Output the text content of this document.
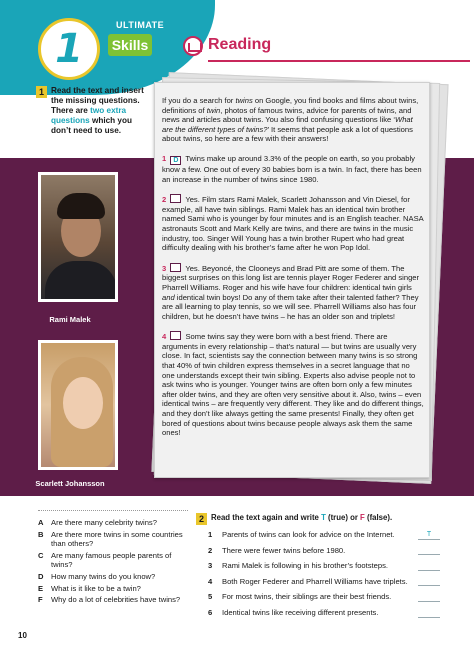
1
ULTIMATE
Skills	Reading
1 Read the text and insert the missing questions. There are two extra questions which you don’t need to use.
Rami Malek
Scarlett Johansson

If you do a search for twins on Google, you find books and films about twins, definitions of twin, photos of famous twins, advice for parents of twins, and news and articles about twins. You also find confusing questions like ‘What are the different types of twins?’ It seems that people ask a lot of questions about twins, so here are a few with their answers!

1 D Twins make up around 3.3% of the people on earth, so you probably know a few. One out of every 30 babies born is a twin. In fact, there has been an increase in the number of twins since 1980.

2  Yes. Film stars Rami Malek, Scarlett Johansson and Vin Diesel, for example, all have twin siblings. Rami Malek has an identical twin brother named Sami who is younger by four minutes and is an English teacher. NASA astronauts Scott and Mark Kelly are twins, and there are twins in the music industry, too. Singer Will Young has a twin brother Rupert who had great difficulty dealing with his brother’s fame after he won Pop Idol.

3  Yes. Beyoncé, the Clooneys and Brad Pitt are some of them. The biggest surprises on this long list are tennis player Roger Federer and singer Pharrell Williams. Roger and his wife have four children: identical twin girls and identical twin boys! Do any of them take after their talented father? They are all learning to play tennis, so we will see. Pharrell Williams also has four children, but he doesn’t have twins – he has an older son and triplets!

4  Some twins say they were born with a best friend. There are arguments in every relationship – that’s natural — but twins are usually very close. In fact, scientists say the connection between many twins is so strong that 40% of twin children express themselves in a secret language that no one understands except their twin sibling. Experts also advise people not to ask twins who is younger. Younger twins are often born only a few minutes after older twins, and they are often very sensitive about it. Also, twins – even identical twins – are frequently very different. They like and do different things, and they don’t like always getting the same presents! Finally, they often get bored of questions about twins because people always ask them the same ones!

A Are there many celebrity twins?
B Are there more twins in some countries than others?
C Are many famous people parents of twins?
D How many twins do you know?
E	What is it like to be a twin?
F	Why do a lot of celebrities have twins?
2 Read the text again and write T (true) or F (false).
1	Parents of twins can look for advice on the Internet.	T
2	There were fewer twins before 1980.
3	Rami Malek is following in his brother’s footsteps.
4	Both Roger Federer and Pharrell Williams have triplets.
5	For most twins, their siblings are their best friends.
6	Identical twins like receiving different presents.
10
